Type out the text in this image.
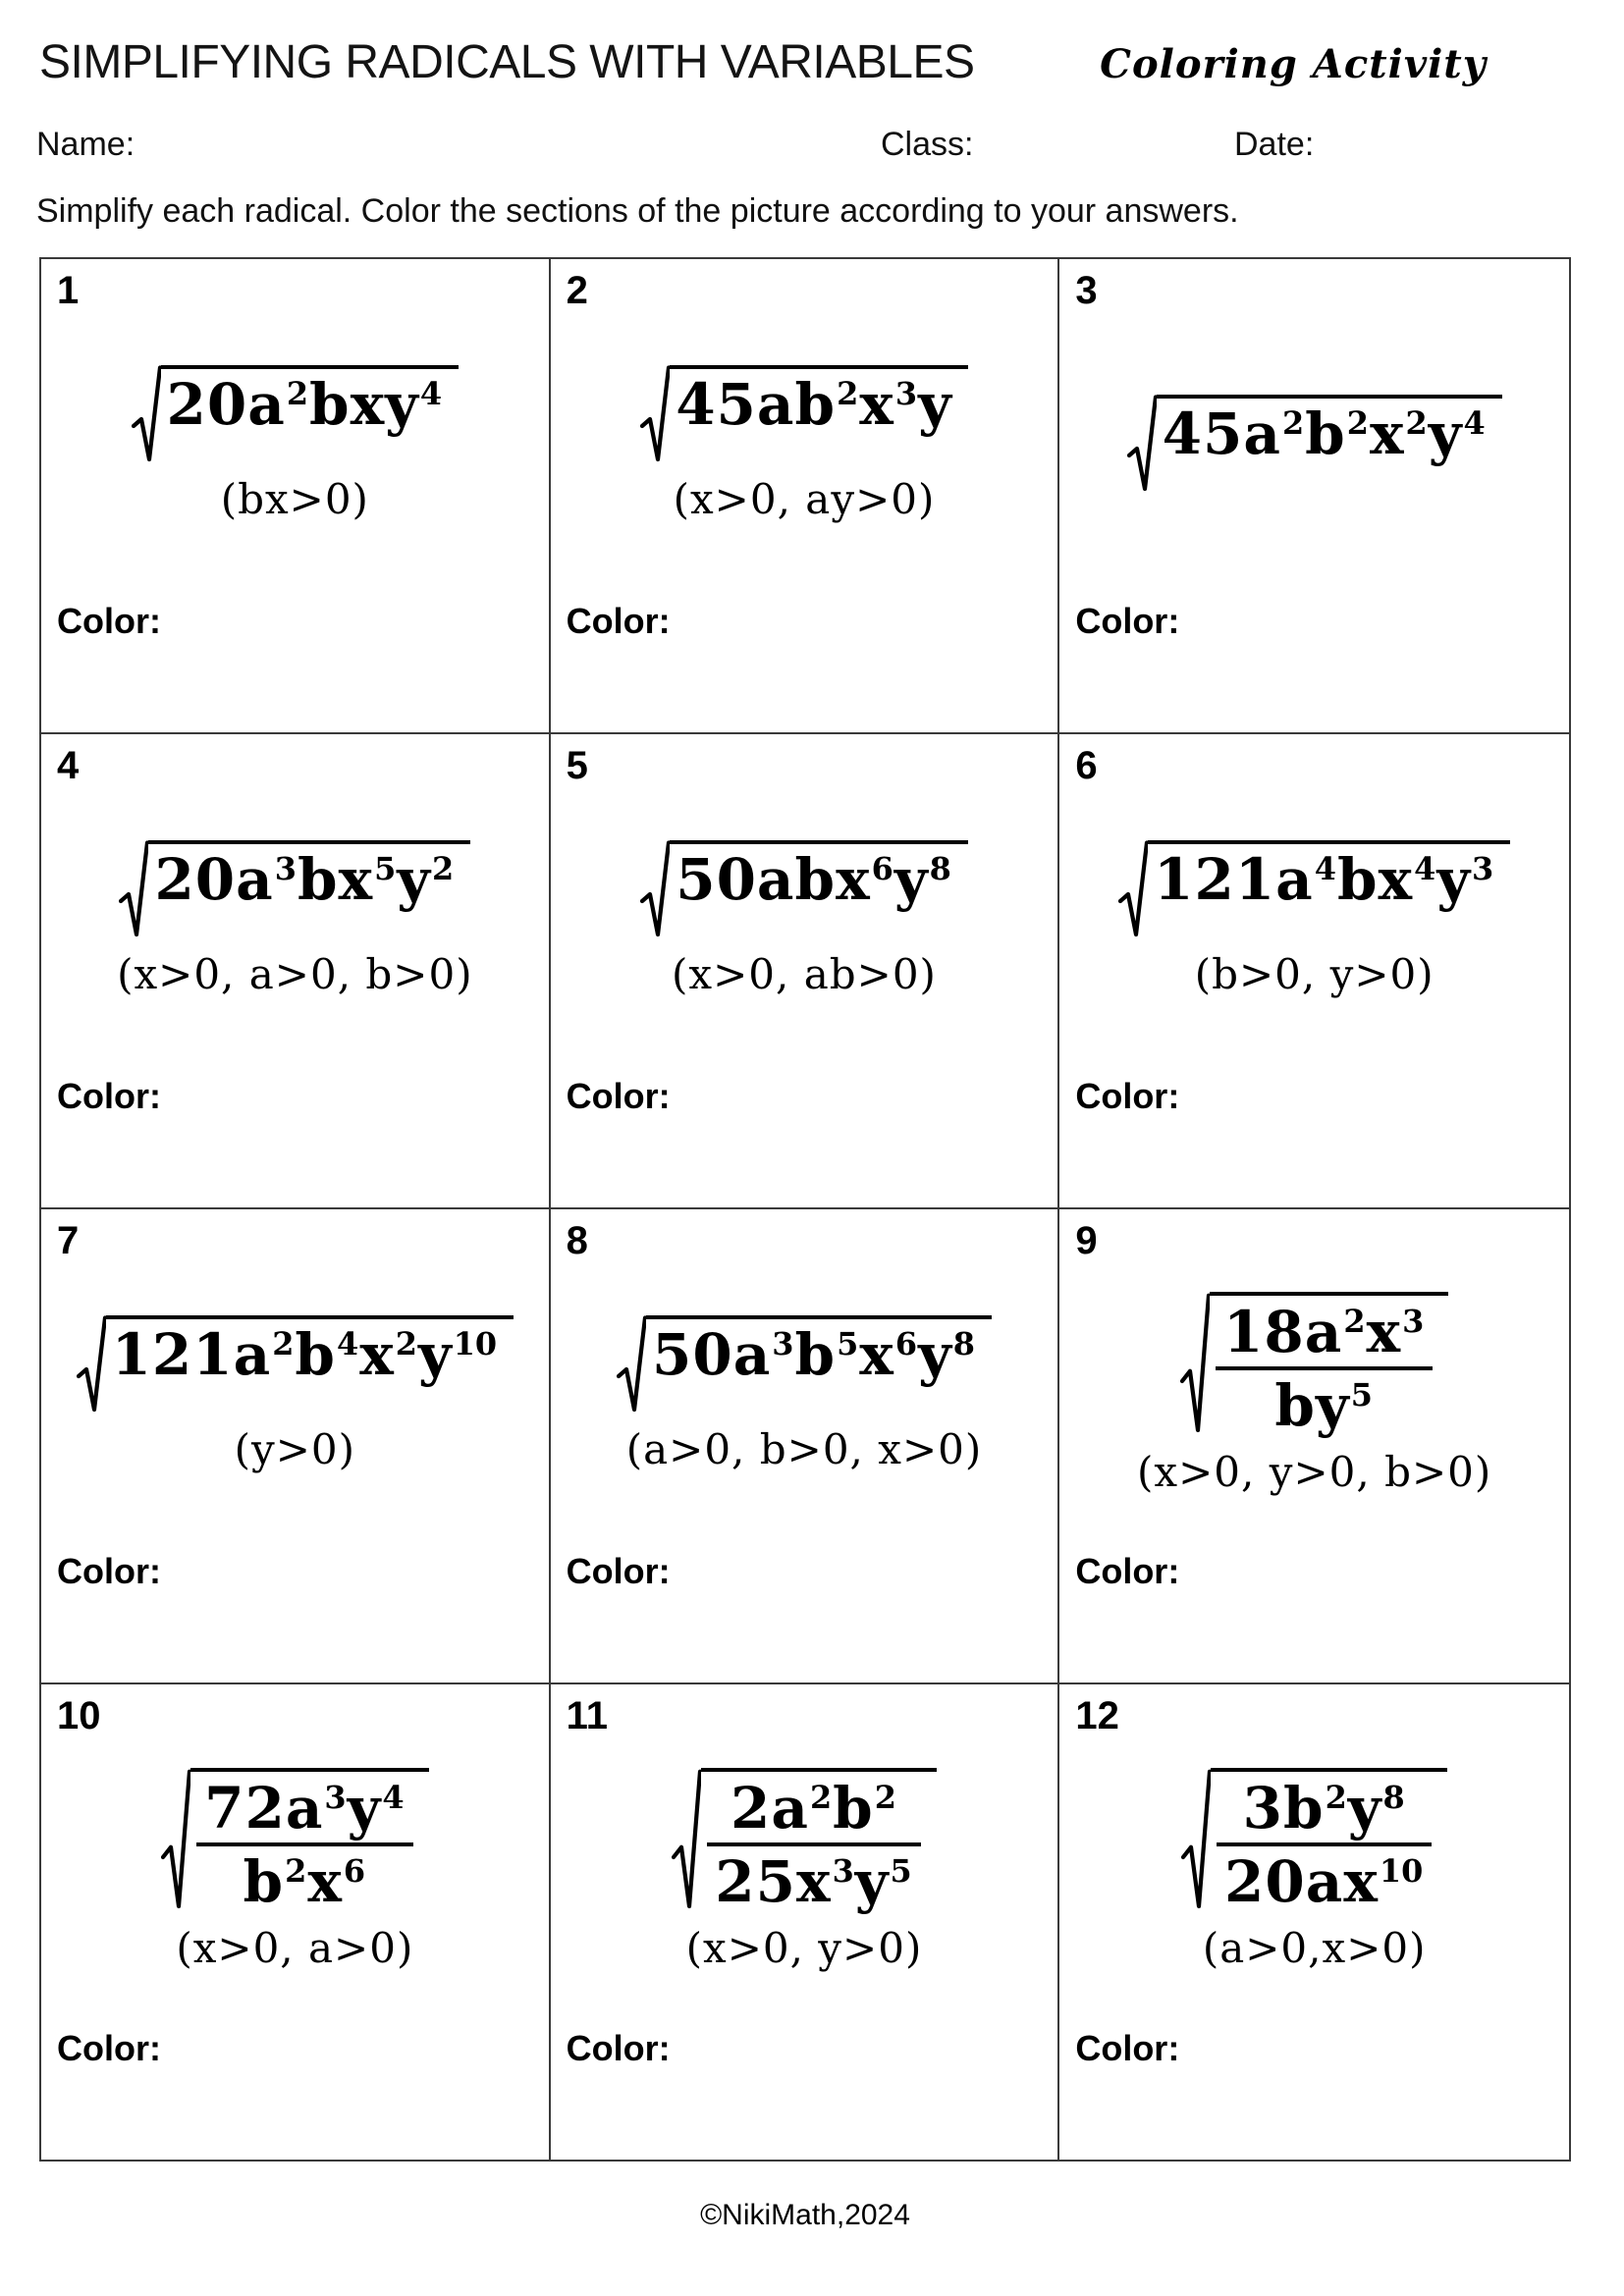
SIMPLIFYING RADICALS WITH VARIABLES	Coloring Activity
Name:	Class:	Date:
Simplify each radical. Color the sections of the picture according to your answers.
1
$20a^2bxy^4$
(bx>0)
Color:
2
$45ab^2x^3y$
(x>0, ay>0)
Color:
3
$45a^2b^2x^2y^4$
Color:
4
$20a^3bx^5y^2$
(x>0, a>0, b>0)
Color:
5
$50abx^6y^8$
(x>0, ab>0)
Color:
6
$121a^4bx^4y^3$
(b>0, y>0)
Color:
7
$121a^2b^4x^2y^{10}$
(y>0)
Color:
8
$50a^3b^5x^6y^8$
(a>0, b>0, x>0)
Color:
9
$\frac{18a^2x^3}{by^5}$
(x>0, y>0, b>0)
Color:
10
$\frac{72a^3y^4}{b^2x^6}$
(x>0, a>0)
Color:
11
$\frac{2a^2b^2}{25x^3y^5}$
(x>0, y>0)
Color:
12
$\frac{3b^2y^8}{20ax^{10}}$
(a>0,x>0)
Color:
©NikiMath,2024
